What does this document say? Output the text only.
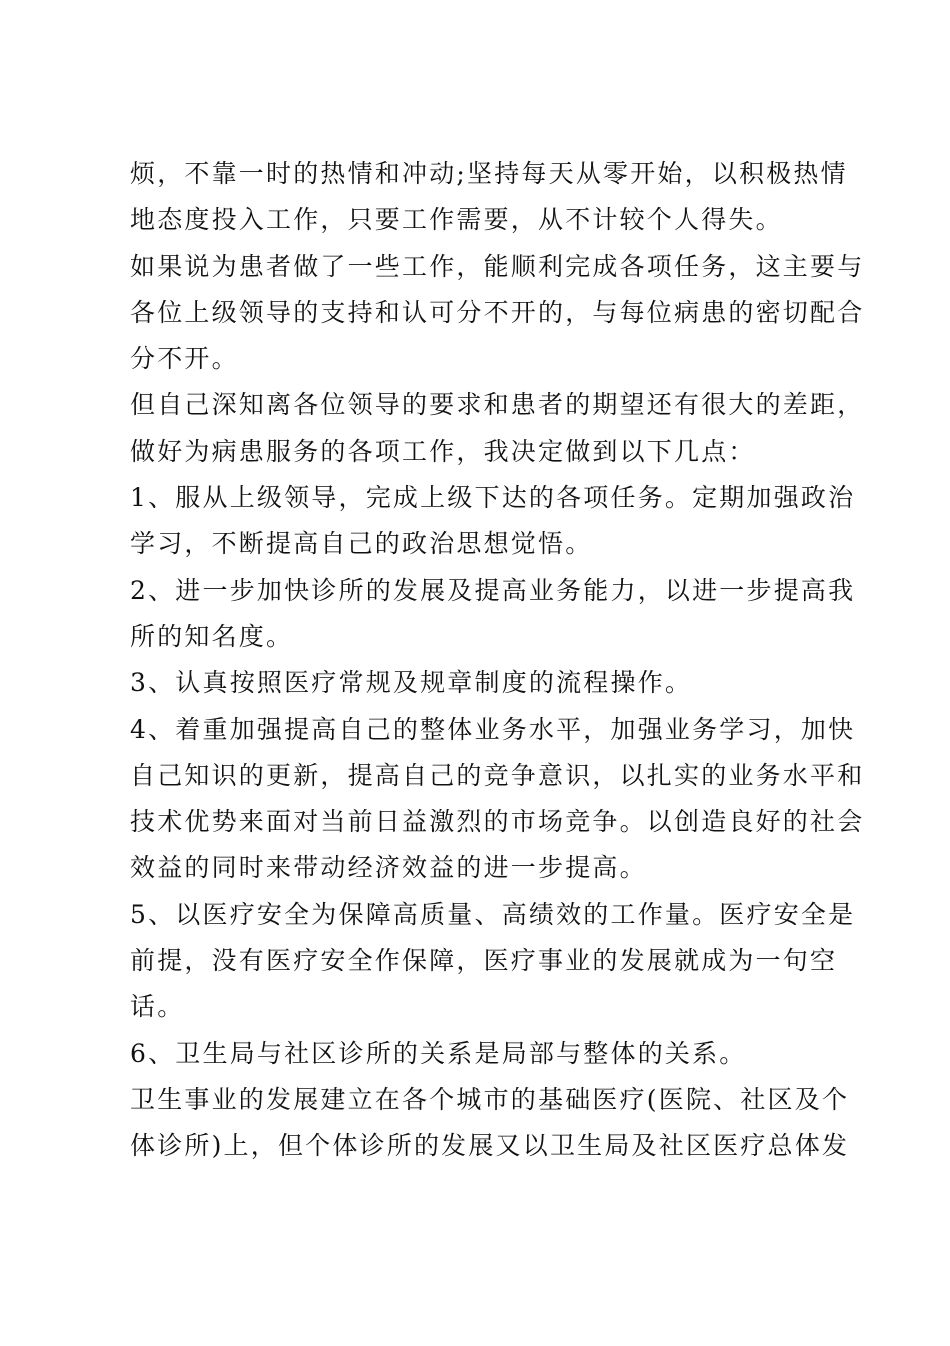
烦，不靠一时的热情和冲动;坚持每天从零开始，以积极热情
地态度投入工作，只要工作需要，从不计较个人得失。
如果说为患者做了一些工作，能顺利完成各项任务，这主要与
各位上级领导的支持和认可分不开的，与每位病患的密切配合
分不开。
但自己深知离各位领导的要求和患者的期望还有很大的差距，
做好为病患服务的各项工作，我决定做到以下几点：
1、服从上级领导，完成上级下达的各项任务。定期加强政治
学习，不断提高自己的政治思想觉悟。
2、进一步加快诊所的发展及提高业务能力，以进一步提高我
所的知名度。
3、认真按照医疗常规及规章制度的流程操作。
4、着重加强提高自己的整体业务水平，加强业务学习，加快
自己知识的更新，提高自己的竞争意识，以扎实的业务水平和
技术优势来面对当前日益激烈的市场竞争。以创造良好的社会
效益的同时来带动经济效益的进一步提高。
5、以医疗安全为保障高质量、高绩效的工作量。医疗安全是
前提，没有医疗安全作保障，医疗事业的发展就成为一句空
话。
6、卫生局与社区诊所的关系是局部与整体的关系。
卫生事业的发展建立在各个城市的基础医疗(医院、社区及个
体诊所)上，但个体诊所的发展又以卫生局及社区医疗总体发
